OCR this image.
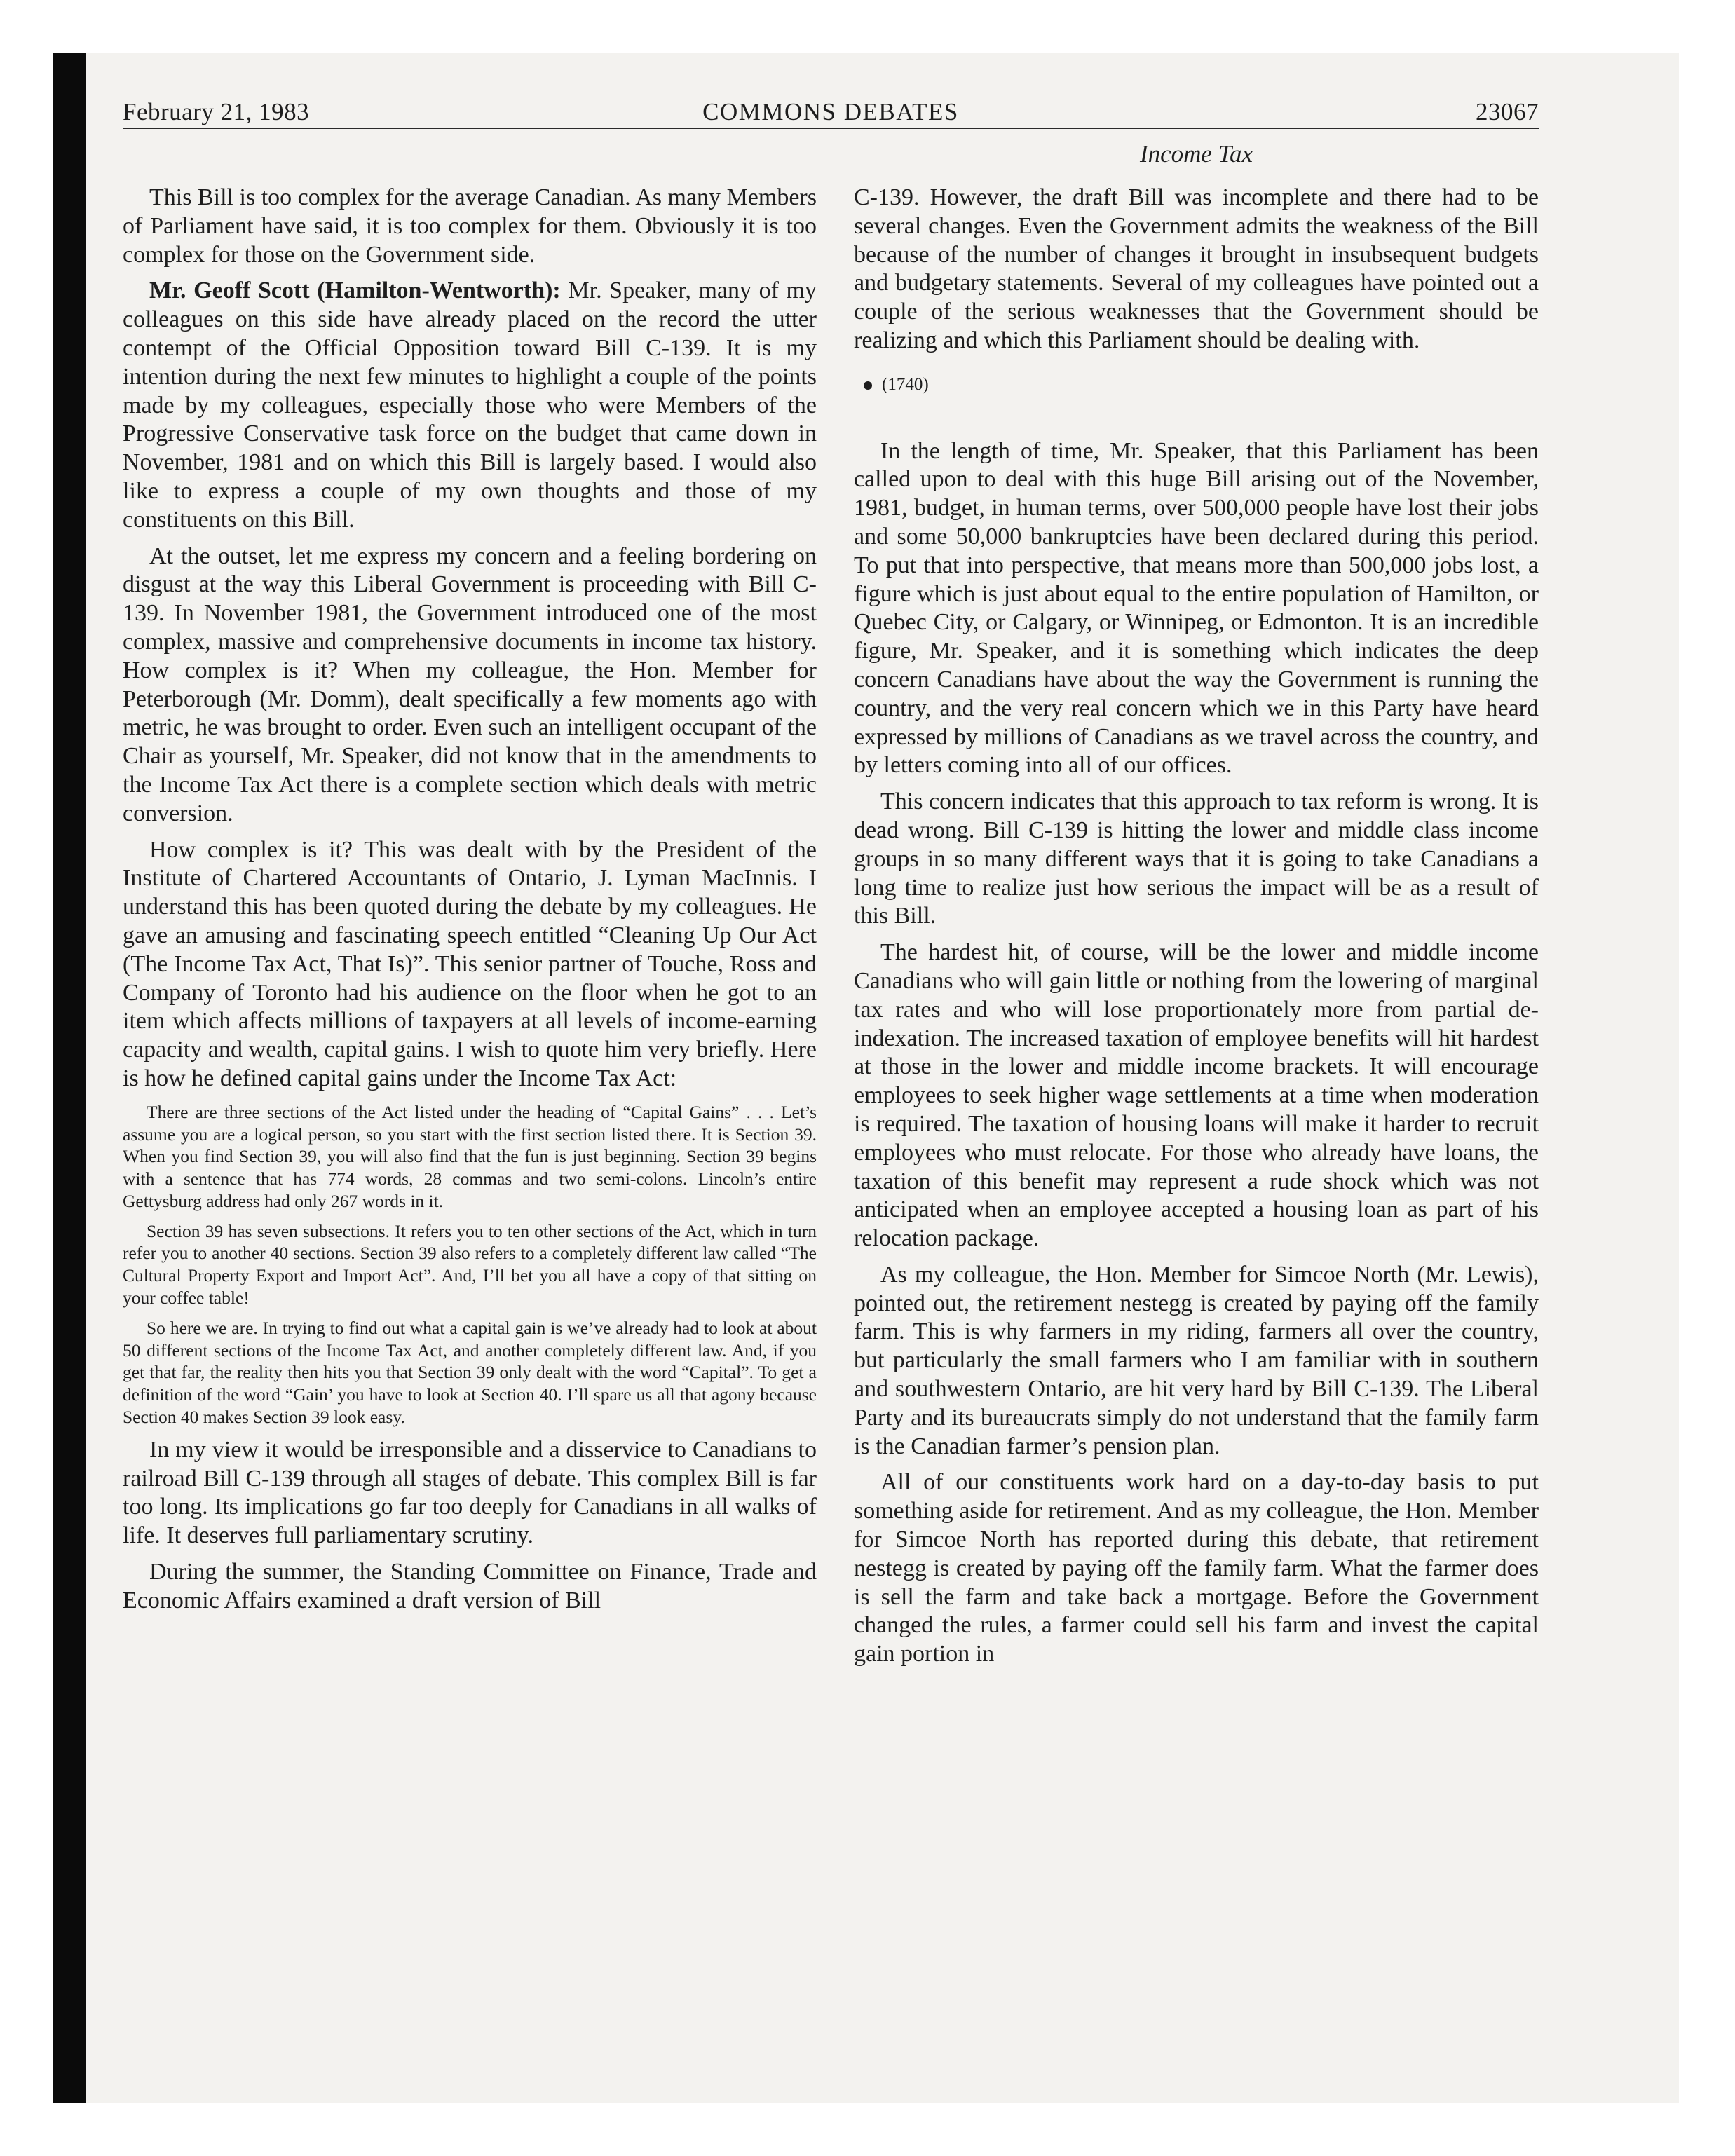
February 21, 1983	COMMONS DEBATES	23067
Income Tax

This Bill is too complex for the average Canadian. As many Members of Parliament have said, it is too complex for them. Obviously it is too complex for those on the Government side.

Mr. Geoff Scott (Hamilton-Wentworth): Mr. Speaker, many of my colleagues on this side have already placed on the record the utter contempt of the Official Opposition toward Bill C-139. It is my intention during the next few minutes to highlight a couple of the points made by my colleagues, especially those who were Members of the Progressive Conservative task force on the budget that came down in November, 1981 and on which this Bill is largely based. I would also like to express a couple of my own thoughts and those of my constituents on this Bill.

At the outset, let me express my concern and a feeling bordering on disgust at the way this Liberal Government is proceeding with Bill C-139. In November 1981, the Government introduced one of the most complex, massive and comprehensive documents in income tax history. How complex is it? When my colleague, the Hon. Member for Peterborough (Mr. Domm), dealt specifically a few moments ago with metric, he was brought to order. Even such an intelligent occupant of the Chair as yourself, Mr. Speaker, did not know that in the amendments to the Income Tax Act there is a complete section which deals with metric conversion.

How complex is it? This was dealt with by the President of the Institute of Chartered Accountants of Ontario, J. Lyman MacInnis. I understand this has been quoted during the debate by my colleagues. He gave an amusing and fascinating speech entitled “Cleaning Up Our Act (The Income Tax Act, That Is)”. This senior partner of Touche, Ross and Company of Toronto had his audience on the floor when he got to an item which affects millions of taxpayers at all levels of income-earning capacity and wealth, capital gains. I wish to quote him very briefly. Here is how he defined capital gains under the Income Tax Act:

There are three sections of the Act listed under the heading of “Capital Gains” . . . Let’s assume you are a logical person, so you start with the first section listed there. It is Section 39. When you find Section 39, you will also find that the fun is just beginning. Section 39 begins with a sentence that has 774 words, 28 commas and two semi-colons. Lincoln’s entire Gettysburg address had only 267 words in it.

Section 39 has seven subsections. It refers you to ten other sections of the Act, which in turn refer you to another 40 sections. Section 39 also refers to a completely different law called “The Cultural Property Export and Import Act”. And, I’ll bet you all have a copy of that sitting on your coffee table!

So here we are. In trying to find out what a capital gain is we’ve already had to look at about 50 different sections of the Income Tax Act, and another completely different law. And, if you get that far, the reality then hits you that Section 39 only dealt with the word “Capital”. To get a definition of the word “Gain’ you have to look at Section 40. I’ll spare us all that agony because Section 40 makes Section 39 look easy.

In my view it would be irresponsible and a disservice to Canadians to railroad Bill C-139 through all stages of debate. This complex Bill is far too long. Its implications go far too deeply for Canadians in all walks of life. It deserves full parliamentary scrutiny.

During the summer, the Standing Committee on Finance, Trade and Economic Affairs examined a draft version of Bill

C-139. However, the draft Bill was incomplete and there had to be several changes. Even the Government admits the weakness of the Bill because of the number of changes it brought in insubsequent budgets and budgetary statements. Several of my colleagues have pointed out a couple of the serious weaknesses that the Government should be realizing and which this Parliament should be dealing with.

(1740)

In the length of time, Mr. Speaker, that this Parliament has been called upon to deal with this huge Bill arising out of the November, 1981, budget, in human terms, over 500,000 people have lost their jobs and some 50,000 bankruptcies have been declared during this period. To put that into perspective, that means more than 500,000 jobs lost, a figure which is just about equal to the entire population of Hamilton, or Quebec City, or Calgary, or Winnipeg, or Edmonton. It is an incredible figure, Mr. Speaker, and it is something which indicates the deep concern Canadians have about the way the Government is running the country, and the very real concern which we in this Party have heard expressed by millions of Canadians as we travel across the country, and by letters coming into all of our offices.

This concern indicates that this approach to tax reform is wrong. It is dead wrong. Bill C-139 is hitting the lower and middle class income groups in so many different ways that it is going to take Canadians a long time to realize just how serious the impact will be as a result of this Bill.

The hardest hit, of course, will be the lower and middle income Canadians who will gain little or nothing from the lowering of marginal tax rates and who will lose proportionately more from partial de-indexation. The increased taxation of employee benefits will hit hardest at those in the lower and middle income brackets. It will encourage employees to seek higher wage settlements at a time when moderation is required. The taxation of housing loans will make it harder to recruit employees who must relocate. For those who already have loans, the taxation of this benefit may represent a rude shock which was not anticipated when an employee accepted a housing loan as part of his relocation package.

As my colleague, the Hon. Member for Simcoe North (Mr. Lewis), pointed out, the retirement nestegg is created by paying off the family farm. This is why farmers in my riding, farmers all over the country, but particularly the small farmers who I am familiar with in southern and southwestern Ontario, are hit very hard by Bill C-139. The Liberal Party and its bureaucrats simply do not understand that the family farm is the Canadian farmer’s pension plan.

All of our constituents work hard on a day-to-day basis to put something aside for retirement. And as my colleague, the Hon. Member for Simcoe North has reported during this debate, that retirement nestegg is created by paying off the family farm. What the farmer does is sell the farm and take back a mortgage. Before the Government changed the rules, a farmer could sell his farm and invest the capital gain portion in
